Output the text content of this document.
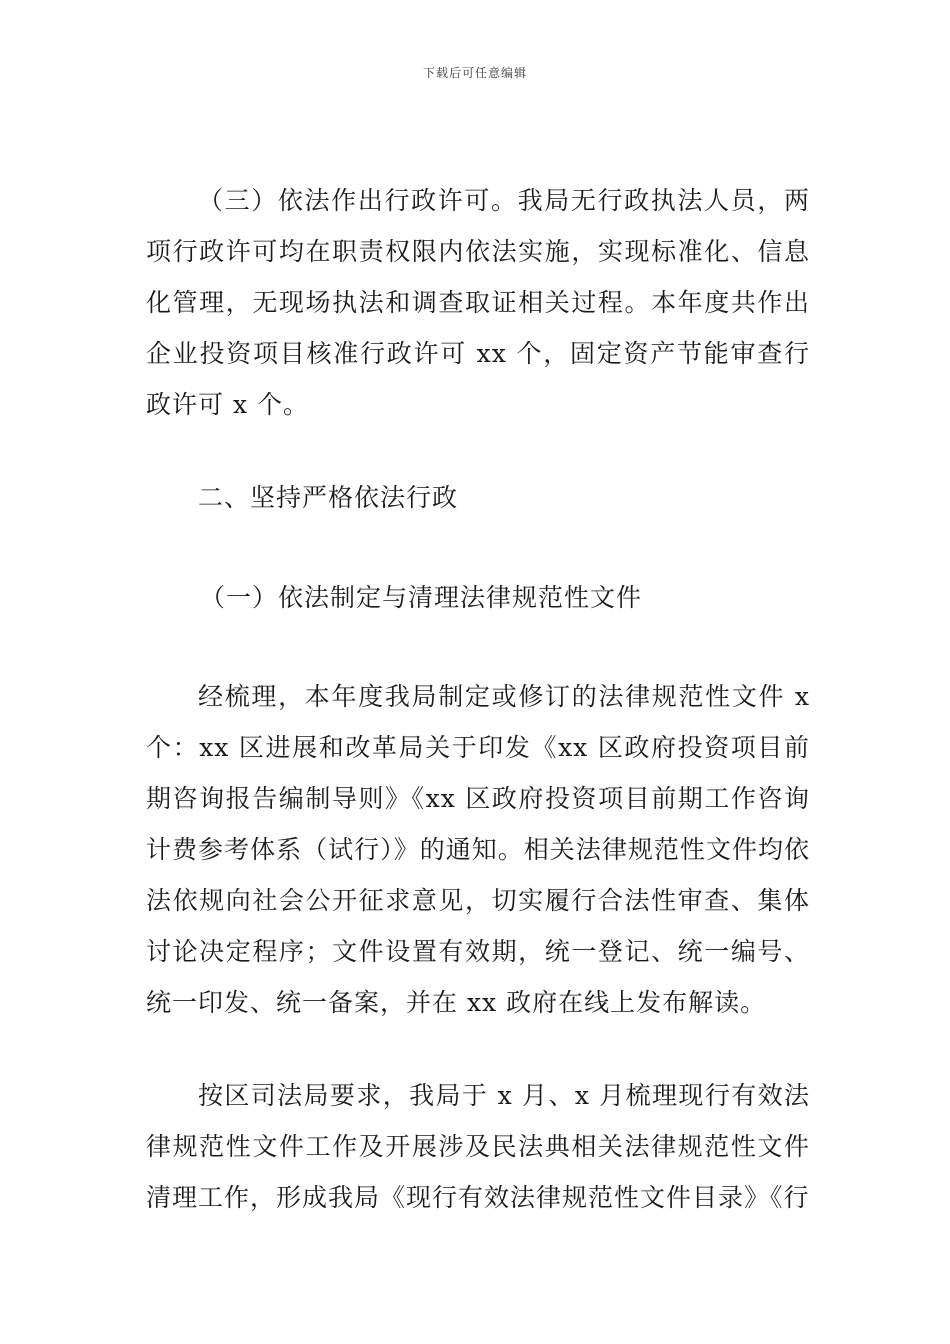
下载后可任意编辑

（三）依法作出行政许可。我局无行政执法人员，两项行政许可均在职责权限内依法实施，实现标准化、信息化管理，无现场执法和调查取证相关过程。本年度共作出企业投资项目核准行政许可 xx 个，固定资产节能审查行政许可 x 个。

二、坚持严格依法行政

（一）依法制定与清理法律规范性文件

经梳理，本年度我局制定或修订的法律规范性文件 x 个：xx 区进展和改革局关于印发《xx 区政府投资项目前期咨询报告编制导则》《xx 区政府投资项目前期工作咨询计费参考体系（试行）》的通知。相关法律规范性文件均依法依规向社会公开征求意见，切实履行合法性审查、集体讨论决定程序；文件设置有效期，统一登记、统一编号、统一印发、统一备案，并在 xx 政府在线上发布解读。

按区司法局要求，我局于 x 月、x 月梳理现行有效法律规范性文件工作及开展涉及民法典相关法律规范性文件清理工作，形成我局《现行有效法律规范性文件目录》《行
